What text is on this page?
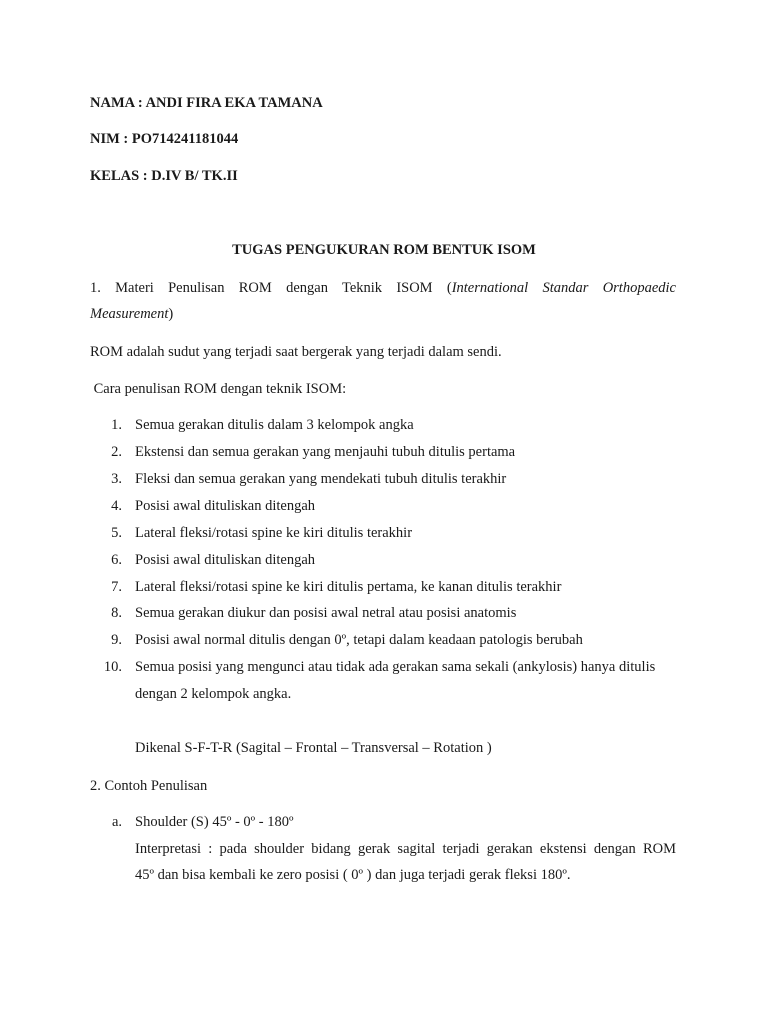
NAMA : ANDI FIRA EKA TAMANA
NIM : PO714241181044
KELAS : D.IV B/ TK.II
TUGAS PENGUKURAN ROM BENTUK ISOM
1. Materi Penulisan ROM dengan Teknik ISOM (International Standar Orthopaedic
Measurement)
ROM adalah sudut yang terjadi saat bergerak yang terjadi dalam sendi.
Cara penulisan ROM dengan teknik ISOM:
1. Semua gerakan ditulis dalam 3 kelompok angka
2. Ekstensi dan semua gerakan yang menjauhi tubuh ditulis pertama
3. Fleksi dan semua gerakan yang mendekati tubuh ditulis terakhir
4. Posisi awal dituliskan ditengah
5. Lateral fleksi/rotasi spine ke kiri ditulis terakhir
6. Posisi awal dituliskan ditengah
7. Lateral fleksi/rotasi spine ke kiri ditulis pertama, ke kanan ditulis terakhir
8. Semua gerakan diukur dan posisi awal netral atau posisi anatomis
9. Posisi awal normal ditulis dengan 0º, tetapi dalam keadaan patologis berubah
10. Semua posisi yang mengunci atau tidak ada gerakan sama sekali (ankylosis) hanya ditulis
dengan 2 kelompok angka.
Dikenal S-F-T-R (Sagital – Frontal – Transversal – Rotation )
2. Contoh Penulisan
a. Shoulder (S) 45º - 0º - 180º
Interpretasi : pada shoulder bidang gerak sagital terjadi gerakan ekstensi dengan ROM
45º dan bisa kembali ke zero posisi ( 0º ) dan juga terjadi gerak fleksi 180º.
